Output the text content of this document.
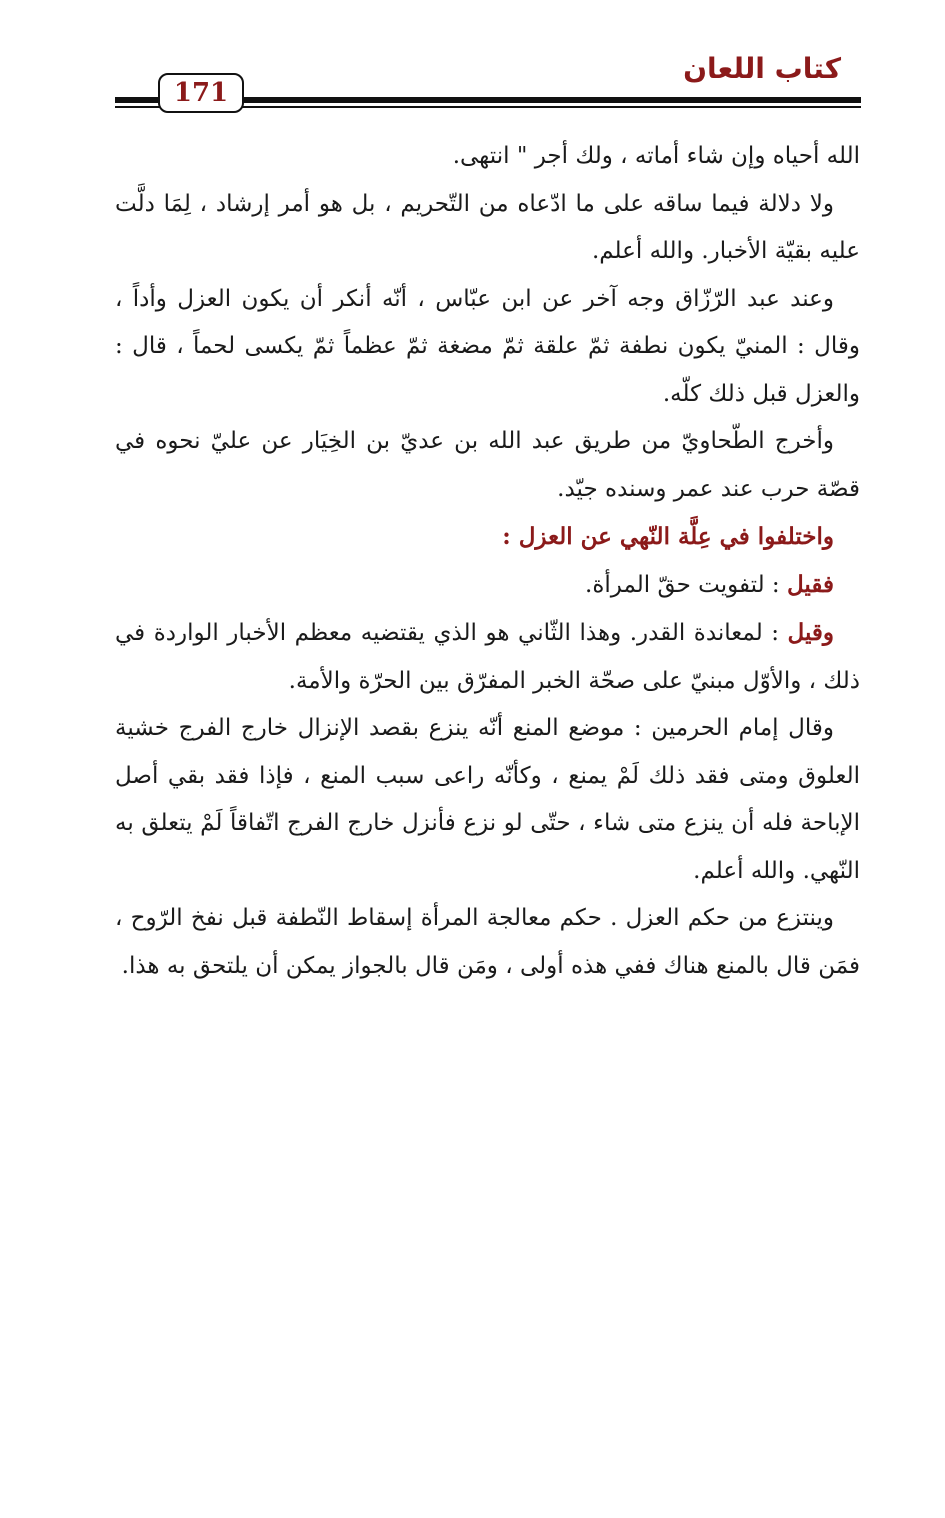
كتاب اللعان
171

الله أحياه وإن شاء أماته ، ولك أجر " انتهى.

ولا دلالة فيما ساقه على ما ادّعاه من التّحريم ، بل هو أمر إرشاد ، لِمَا دلَّت عليه بقيّة الأخبار. والله أعلم.

وعند عبد الرّزّاق وجه آخر عن ابن عبّاس ، أنّه أنكر أن يكون العزل وأداً ، وقال : المنيّ يكون نطفة ثمّ علقة ثمّ مضغة ثمّ عظماً ثمّ يكسى لحماً ، قال : والعزل قبل ذلك كلّه.

وأخرج الطّحاويّ من طريق عبد الله بن عديّ بن الخِيَار عن عليّ نحوه في قصّة حرب عند عمر وسنده جيّد.

واختلفوا في عِلَّة النّهي عن العزل :

فقيل : لتفويت حقّ المرأة.

وقيل : لمعاندة القدر. وهذا الثّاني هو الذي يقتضيه معظم الأخبار الواردة في ذلك ، والأوّل مبنيّ على صحّة الخبر المفرّق بين الحرّة والأمة.

وقال إمام الحرمين : موضع المنع أنّه ينزع بقصد الإنزال خارج الفرج خشية العلوق ومتى فقد ذلك لَمْ يمنع ، وكأنّه راعى سبب المنع ، فإذا فقد بقي أصل الإباحة فله أن ينزع متى شاء ، حتّى لو نزع فأنزل خارج الفرج اتّفاقاً لَمْ يتعلق به النّهي. والله أعلم.

وينتزع من حكم العزل . حكم معالجة المرأة إسقاط النّطفة قبل نفخ الرّوح ، فمَن قال بالمنع هناك ففي هذه أولى ، ومَن قال بالجواز يمكن أن يلتحق به هذا.
